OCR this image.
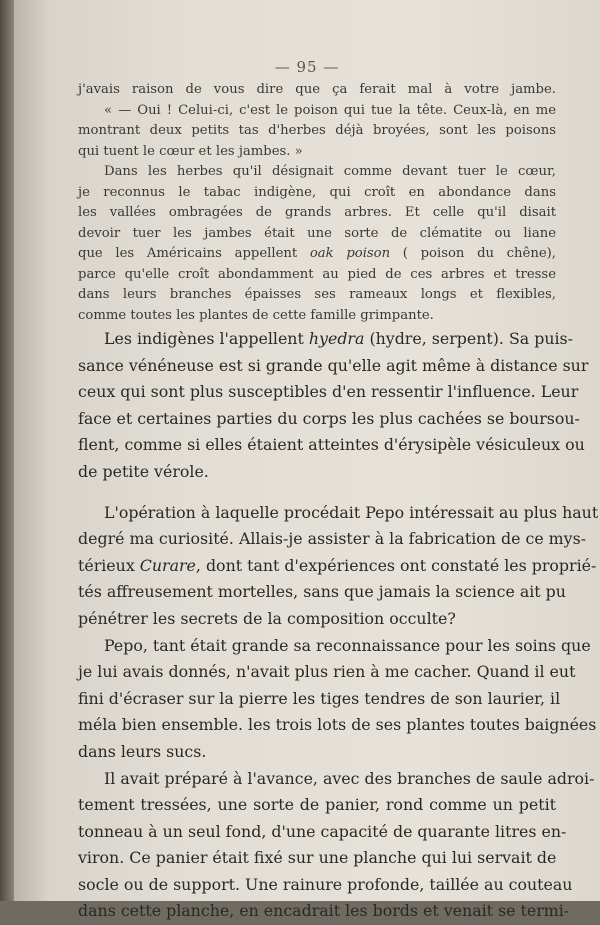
— 95 —
j'avais raison de vous dire que ça ferait mal à votre jambe.
« — Oui ! Celui-ci, c'est le poison qui tue la tête. Ceux-là, en me
montrant deux petits tas d'herbes déjà broyées, sont les poisons
qui tuent le cœur et les jambes. »
Dans les herbes qu'il désignait comme devant tuer le cœur,
je reconnus le tabac indigène, qui croît en abondance dans
les vallées ombragées de grands arbres. Et celle qu'il disait
devoir tuer les jambes était une sorte de clématite ou liane
que les Américains appellent oak poison ( poison du chêne),
parce qu'elle croît abondamment au pied de ces arbres et tresse
dans leurs branches épaisses ses rameaux longs et flexibles,
comme toutes les plantes de cette famille grimpante.
Les indigènes l'appellent hyedra (hydre, serpent). Sa puis-
sance vénéneuse est si grande qu'elle agit même à distance sur
ceux qui sont plus susceptibles d'en ressentir l'influence. Leur
face et certaines parties du corps les plus cachées se boursou-
flent, comme si elles étaient atteintes d'érysipèle vésiculeux ou
de petite vérole.
L'opération à laquelle procédait Pepo intéressait au plus haut
degré ma curiosité. Allais-je assister à la fabrication de ce mys-
térieux Curare, dont tant d'expériences ont constaté les proprié-
tés affreusement mortelles, sans que jamais la science ait pu
pénétrer les secrets de la composition occulte?
Pepo, tant était grande sa reconnaissance pour les soins que
je lui avais donnés, n'avait plus rien à me cacher. Quand il eut
fini d'écraser sur la pierre les tiges tendres de son laurier, il
méla bien ensemble. les trois lots de ses plantes toutes baignées
dans leurs sucs.
Il avait préparé à l'avance, avec des branches de saule adroi-
tement tressées, une sorte de panier, rond comme un petit
tonneau à un seul fond, d'une capacité de quarante litres en-
viron. Ce panier était fixé sur une planche qui lui servait de
socle ou de support. Une rainure profonde, taillée au couteau
dans cette planche, en encadrait les bords et venait se termi-
